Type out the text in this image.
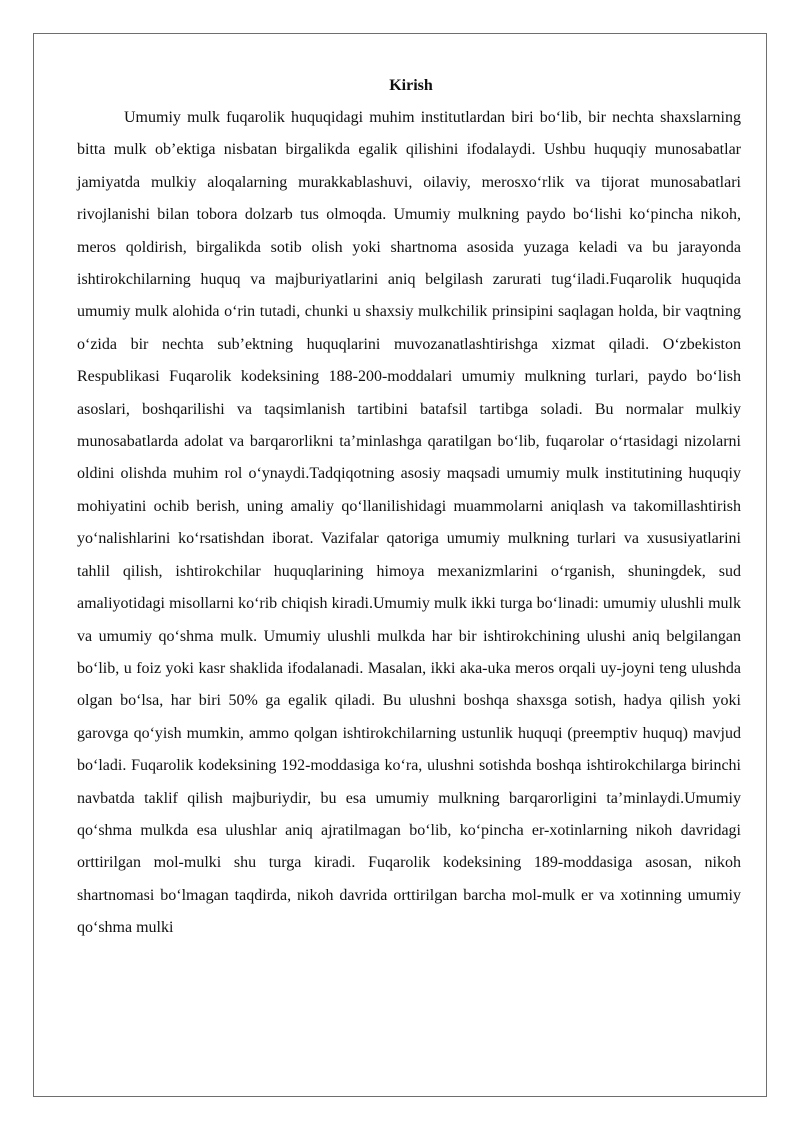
Kirish

Umumiy mulk fuqarolik huquqidagi muhim institutlardan biri bo‘lib, bir nechta shaxslarning bitta mulk ob’ektiga nisbatan birgalikda egalik qilishini ifodalaydi. Ushbu huquqiy munosabatlar jamiyatda mulkiy aloqalarning murakkablashuvi, oilaviy, merosxo‘rlik va tijorat munosabatlari rivojlanishi bilan tobora dolzarb tus olmoqda. Umumiy mulkning paydo bo‘lishi ko‘pincha nikoh, meros qoldirish, birgalikda sotib olish yoki shartnoma asosida yuzaga keladi va bu jarayonda ishtirokchilarning huquq va majburiyatlarini aniq belgilash zarurati tug‘iladi.Fuqarolik huquqida umumiy mulk alohida o‘rin tutadi, chunki u shaxsiy mulkchilik prinsipini saqlagan holda, bir vaqtning o‘zida bir nechta sub’ektning huquqlarini muvozanatlashtirishga xizmat qiladi. O‘zbekiston Respublikasi Fuqarolik kodeksining 188-200-moddalari umumiy mulkning turlari, paydo bo‘lish asoslari, boshqarilishi va taqsimlanish tartibini batafsil tartibga soladi. Bu normalar mulkiy munosabatlarda adolat va barqarorlikni ta’minlashga qaratilgan bo‘lib, fuqarolar o‘rtasidagi nizolarni oldini olishda muhim rol o‘ynaydi.Tadqiqotning asosiy maqsadi umumiy mulk institutining huquqiy mohiyatini ochib berish, uning amaliy qo‘llanilishidagi muammolarni aniqlash va takomillashtirish yo‘nalishlarini ko‘rsatishdan iborat. Vazifalar qatoriga umumiy mulkning turlari va xususiyatlarini tahlil qilish, ishtirokchilar huquqlarining himoya mexanizmlarini o‘rganish, shuningdek, sud amaliyotidagi misollarni ko‘rib chiqish kiradi.Umumiy mulk ikki turga bo‘linadi: umumiy ulushli mulk va umumiy qo‘shma mulk. Umumiy ulushli mulkda har bir ishtirokchining ulushi aniq belgilangan bo‘lib, u foiz yoki kasr shaklida ifodalanadi. Masalan, ikki aka-uka meros orqali uy-joyni teng ulushda olgan bo‘lsa, har biri 50% ga egalik qiladi. Bu ulushni boshqa shaxsga sotish, hadya qilish yoki garovga qo‘yish mumkin, ammo qolgan ishtirokchilarning ustunlik huquqi (preemptiv huquq) mavjud bo‘ladi. Fuqarolik kodeksining 192-moddasiga ko‘ra, ulushni sotishda boshqa ishtirokchilarga birinchi navbatda taklif qilish majburiydir, bu esa umumiy mulkning barqarorligini ta’minlaydi.Umumiy qo‘shma mulkda esa ulushlar aniq ajratilmagan bo‘lib, ko‘pincha er-xotinlarning nikoh davridagi orttirilgan mol-mulki shu turga kiradi. Fuqarolik kodeksining 189-moddasiga asosan, nikoh shartnomasi bo‘lmagan taqdirda, nikoh davrida orttirilgan barcha mol-mulk er va xotinning umumiy qo‘shma mulki
